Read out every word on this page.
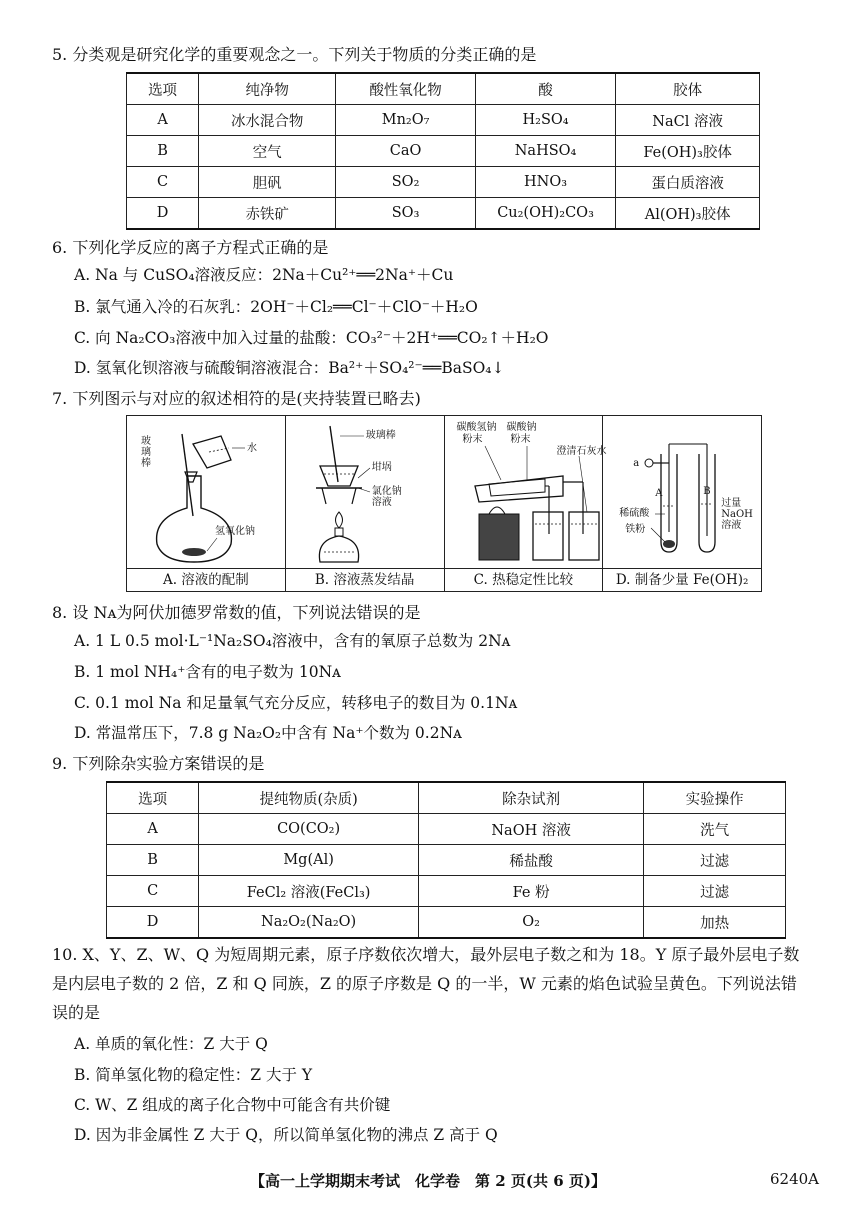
5. 分类观是研究化学的重要观念之一。下列关于物质的分类正确的是
选项	纯净物	酸性氧化物	酸	胶体
A	冰水混合物	Mn₂O₇	H₂SO₄	NaCl 溶液
B	空气	CaO	NaHSO₄	Fe(OH)₃胶体
C	胆矾	SO₂	HNO₃	蛋白质溶液
D	赤铁矿	SO₃	Cu₂(OH)₂CO₃	Al(OH)₃胶体
6. 下列化学反应的离子方程式正确的是
A. Na 与 CuSO₄溶液反应：2Na＋Cu²⁺══2Na⁺＋Cu
B. 氯气通入冷的石灰乳：2OH⁻＋Cl₂══Cl⁻＋ClO⁻＋H₂O
C. 向 Na₂CO₃溶液中加入过量的盐酸：CO₃²⁻＋2H⁺══CO₂↑＋H₂O
D. 氢氧化钡溶液与硫酸铜溶液混合：Ba²⁺＋SO₄²⁻══BaSO₄↓
7. 下列图示与对应的叙述相符的是(夹持装置已略去)
玻
璃
棒
水
氢氧化钠
A. 溶液的配制
玻璃棒
坩埚
氯化钠
溶液
B. 溶液蒸发结晶
碳酸氢钠
粉末
碳酸钠
粉末
澄清石灰水
C. 热稳定性比较
a
A	B
稀硫酸
铁粉
过量
NaOH
溶液
D. 制备少量 Fe(OH)₂
8. 设 Nᴀ为阿伏加德罗常数的值，下列说法错误的是
A. 1 L 0.5 mol·L⁻¹Na₂SO₄溶液中，含有的氧原子总数为 2Nᴀ
B. 1 mol NH₄⁺含有的电子数为 10Nᴀ
C. 0.1 mol Na 和足量氧气充分反应，转移电子的数目为 0.1Nᴀ
D. 常温常压下，7.8 g Na₂O₂中含有 Na⁺个数为 0.2Nᴀ
9. 下列除杂实验方案错误的是
选项	提纯物质(杂质)	除杂试剂	实验操作
A	CO(CO₂)	NaOH 溶液	洗气
B	Mg(Al)	稀盐酸	过滤
C	FeCl₂ 溶液(FeCl₃)	Fe 粉	过滤
D	Na₂O₂(Na₂O)	O₂	加热
10. X、Y、Z、W、Q 为短周期元素，原子序数依次增大，最外层电子数之和为 18。Y 原子最外层电子数是内层电子数的 2 倍，Z 和 Q 同族，Z 的原子序数是 Q 的一半，W 元素的焰色试验呈黄色。下列说法错误的是
A. 单质的氧化性：Z 大于 Q
B. 简单氢化物的稳定性：Z 大于 Y
C. W、Z 组成的离子化合物中可能含有共价键
D. 因为非金属性 Z 大于 Q，所以简单氢化物的沸点 Z 高于 Q
【高一上学期期末考试　化学卷　第 2 页(共 6 页)】	6240A
